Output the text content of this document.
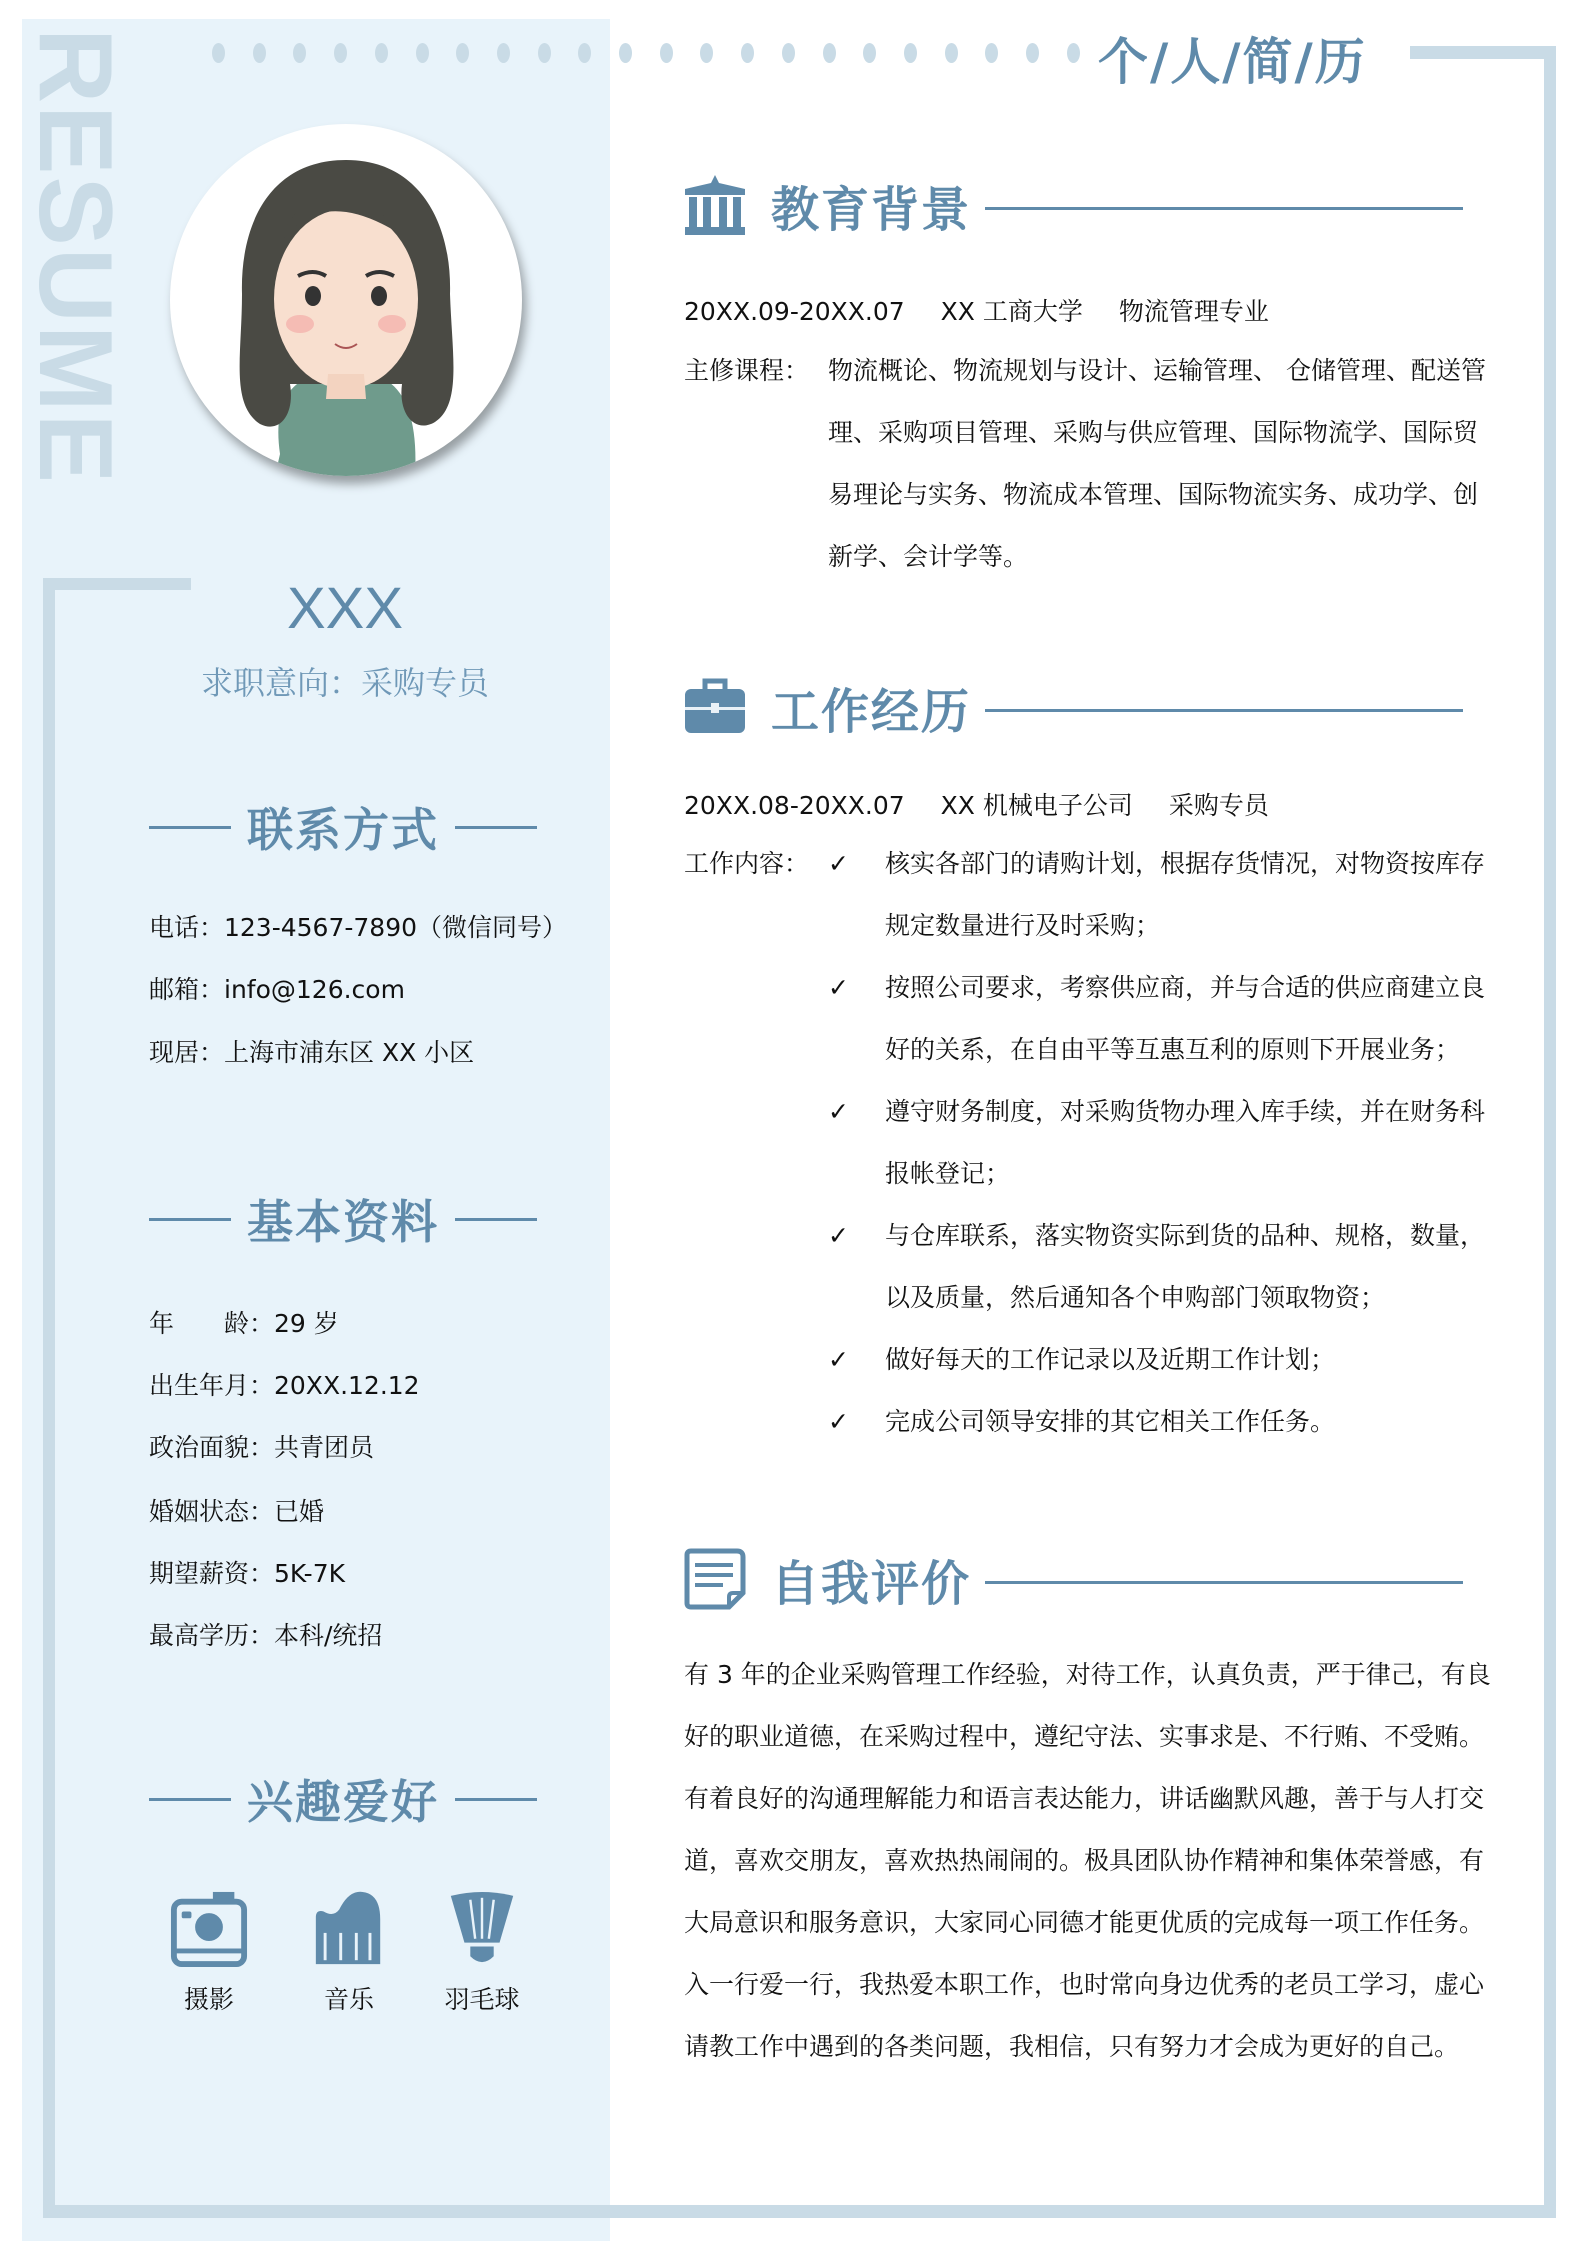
RESUME	个/人/简/历
XXX
求职意向：采购专员
联系方式
电话：123-4567-7890（微信同号）
邮箱：info@126.com
现居：上海市浦东区 XX 小区
基本资料
年　　龄：29 岁
出生年月：20XX.12.12
政治面貌：共青团员
婚姻状态：已婚
期望薪资：5K-7K
最高学历：本科/统招
兴趣爱好
摄影	音乐	羽毛球
教育背景
20XX.09-20XX.07 XX 工商大学 物流管理专业
主修课程： 物流概论、物流规划与设计、运输管理、 仓储管理、配送管
理、采购项目管理、采购与供应管理、国际物流学、国际贸
易理论与实务、物流成本管理、国际物流实务、成功学、创
新学、会计学等。
工作经历
20XX.08-20XX.07 XX 机械电子公司 采购专员
工作内容： ✓ 核实各部门的请购计划，根据存货情况，对物资按库存
规定数量进行及时采购；
✓ 按照公司要求，考察供应商，并与合适的供应商建立良
好的关系，在自由平等互惠互利的原则下开展业务；
✓ 遵守财务制度，对采购货物办理入库手续，并在财务科
报帐登记；
✓ 与仓库联系，落实物资实际到货的品种、规格，数量，
以及质量，然后通知各个申购部门领取物资；
✓ 做好每天的工作记录以及近期工作计划；
✓ 完成公司领导安排的其它相关工作任务。
自我评价
有 3 年的企业采购管理工作经验，对待工作，认真负责，严于律己，有良
好的职业道德，在采购过程中，遵纪守法、实事求是、不行贿、不受贿。
有着良好的沟通理解能力和语言表达能力，讲话幽默风趣，善于与人打交
道，喜欢交朋友，喜欢热热闹闹的。极具团队协作精神和集体荣誉感，有
大局意识和服务意识，大家同心同德才能更优质的完成每一项工作任务。
入一行爱一行，我热爱本职工作，也时常向身边优秀的老员工学习，虚心
请教工作中遇到的各类问题，我相信，只有努力才会成为更好的自己。
